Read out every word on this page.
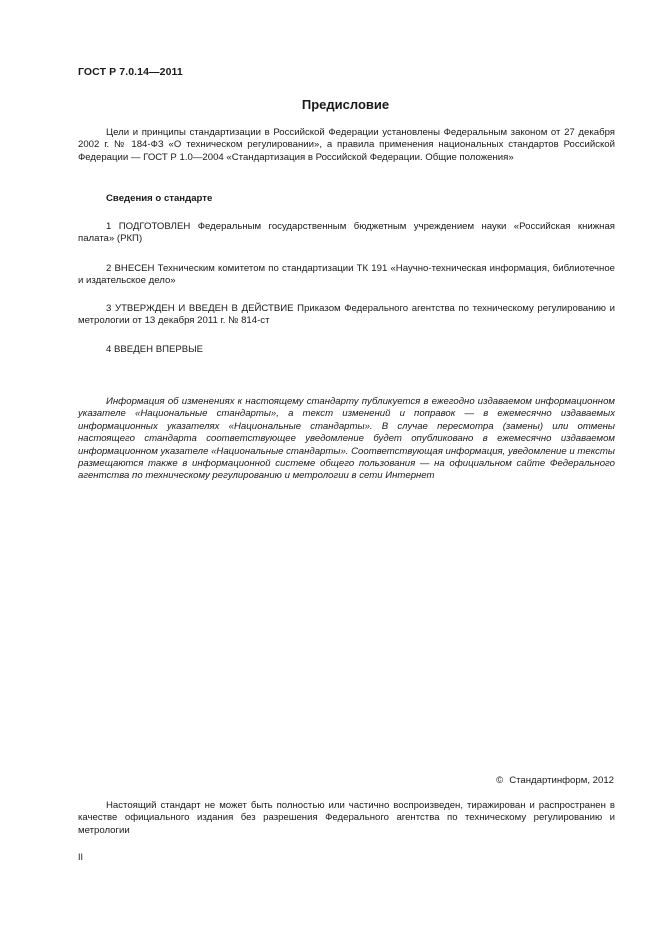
ГОСТ Р 7.0.14—2011
Предисловие

Цели и принципы стандартизации в Российской Федерации установлены Федеральным законом от 27 декабря 2002 г. № 184-ФЗ «О техническом регулировании», а правила применения национальных стандартов Российской Федерации — ГОСТ Р 1.0—2004 «Стандартизация в Российской Федерации. Общие положения»

Сведения о стандарте

1 ПОДГОТОВЛЕН Федеральным государственным бюджетным учреждением науки «Российская книжная палата» (РКП)

2 ВНЕСЕН Техническим комитетом по стандартизации ТК 191 «Научно-техническая информация, библиотечное и издательское дело»

3 УТВЕРЖДЕН И ВВЕДЕН В ДЕЙСТВИЕ Приказом Федерального агентства по техническому регулированию и метрологии от 13 декабря 2011 г. № 814-ст

4 ВВЕДЕН ВПЕРВЫЕ

Информация об изменениях к настоящему стандарту публикуется в ежегодно издаваемом информационном указателе «Национальные стандарты», а текст изменений и поправок — в ежемесячно издаваемых информационных указателях «Национальные стандарты». В случае пересмотра (замены) или отмены настоящего стандарта соответствующее уведомление будет опубликовано в ежемесячно издаваемом информационном указателе «Национальные стандарты». Соответствующая информация, уведомление и тексты размещаются также в информационной системе общего пользования — на официальном сайте Федерального агентства по техническому регулированию и метрологии в сети Интернет

© Стандартинформ, 2012

Настоящий стандарт не может быть полностью или частично воспроизведен, тиражирован и распространен в качестве официального издания без разрешения Федерального агентства по техническому регулированию и метрологии

II
